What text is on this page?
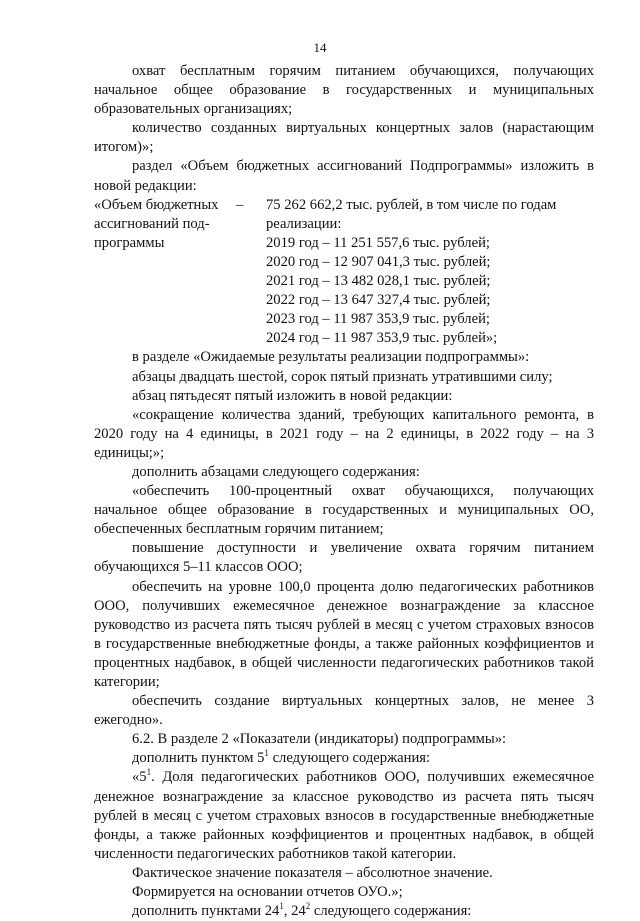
14

охват бесплатным горячим питанием обучающихся, получающих начальное общее образование в государственных и муниципальных образовательных организациях;

количество созданных виртуальных концертных залов (нарастающим итогом)»;

раздел «Объем бюджетных ассигнований Подпрограммы» изложить в новой редакции:

«Объем бюджетных
ассигнований под-
программы
–	75 262 662,2 тыс. рублей, в том числе по годам
реализации:
2019 год – 11 251 557,6 тыс. рублей;
2020 год – 12 907 041,3 тыс. рублей;
2021 год – 13 482 028,1 тыс. рублей;
2022 год – 13 647 327,4 тыс. рублей;
2023 год – 11 987 353,9 тыс. рублей;
2024 год – 11 987 353,9 тыс. рублей»;

в разделе «Ожидаемые результаты реализации подпрограммы»:

абзацы двадцать шестой, сорок пятый признать утратившими силу;

абзац пятьдесят пятый изложить в новой редакции:

«сокращение количества зданий, требующих капитального ремонта, в 2020 году на 4 единицы, в 2021 году – на 2 единицы, в 2022 году – на 3 единицы;»;

дополнить абзацами следующего содержания:

«обеспечить 100-процентный охват обучающихся, получающих начальное общее образование в государственных и муниципальных ОО, обеспеченных бесплатным горячим питанием;

повышение доступности и увеличение охвата горячим питанием обучающихся 5–11 классов ООО;

обеспечить на уровне 100,0 процента долю педагогических работников ООО, получивших ежемесячное денежное вознаграждение за классное руководство из расчета пять тысяч рублей в месяц с учетом страховых взносов в государственные внебюджетные фонды, а также районных коэффициентов и процентных надбавок, в общей численности педагогических работников такой категории;

обеспечить создание виртуальных концертных залов, не менее 3 ежегодно».

6.2. В разделе 2 «Показатели (индикаторы) подпрограммы»:

дополнить пунктом $5^1$ следующего содержания:

«$5^1$. Доля педагогических работников ООО, получивших ежемесячное денежное вознаграждение за классное руководство из расчета пять тысяч рублей в месяц с учетом страховых взносов в государственные внебюджетные фонды, а также районных коэффициентов и процентных надбавок, в общей численности педагогических работников такой категории.

Фактическое значение показателя – абсолютное значение.

Формируется на основании отчетов ОУО.»;

дополнить пунктами $24^1$, $24^2$ следующего содержания:
